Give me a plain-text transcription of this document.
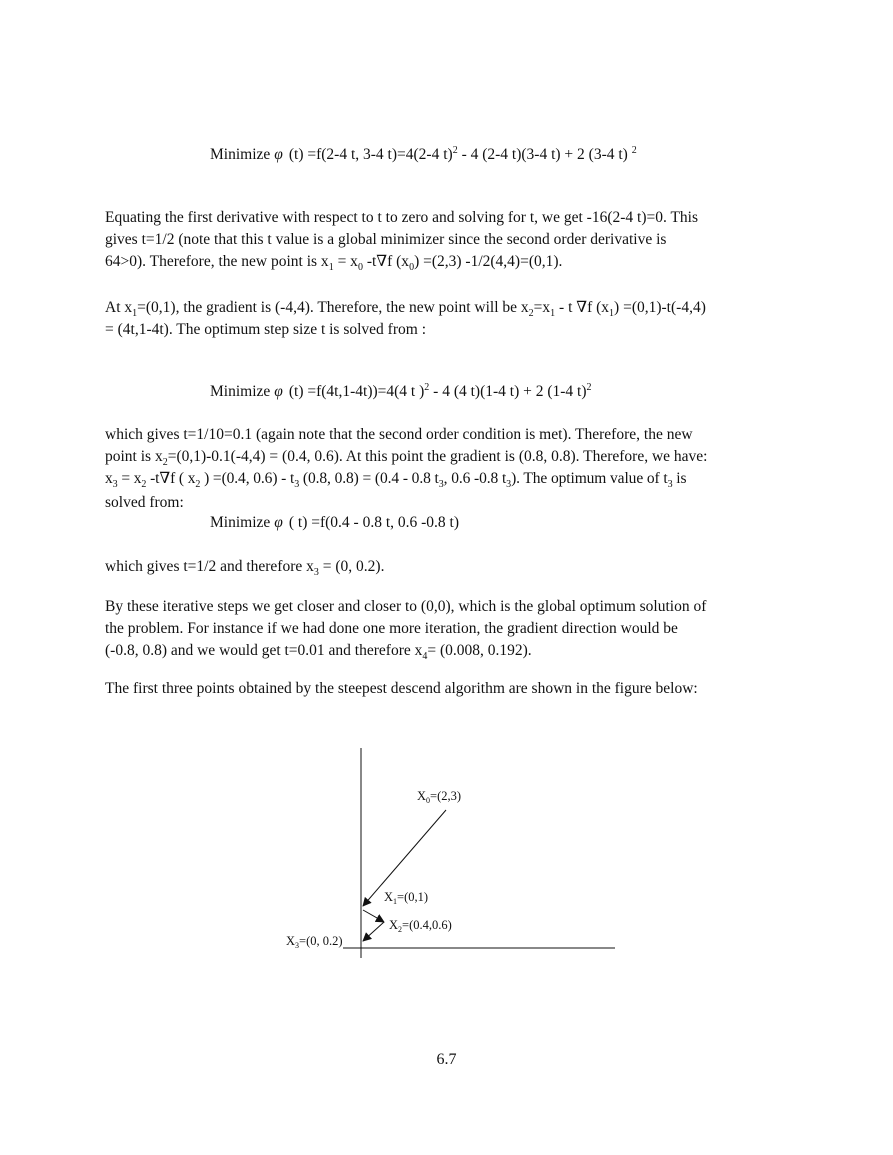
Minimize φ (t) =f(2-4 t, 3-4 t)=4(2-4 t)$^2$ - 4 (2-4 t)(3-4 t) + 2 (3-4 t) $^2$
Equating the first derivative with respect to t to zero and solving for t, we get -16(2-4 t)=0. This
gives t=1/2 (note that this t value is a global minimizer since the second order derivative is
64>0). Therefore, the new point is $x_1 = x_0$ -t∇f $(x_0) =(2,3)$ -1/2(4,4)=(0,1).
At $x_1=(0,1)$, the gradient is (-4,4). Therefore, the new point will be $x_2=x_1 - t$ ∇f $(x_1) =(0,1)-t(-4,4)$
= (4t,1-4t). The optimum step size t is solved from :
Minimize φ (t) =f(4t,1-4t))=4(4 t )$^2$ - 4 (4 t)(1-4 t) + 2 (1-4 t)$^2$
which gives t=1/10=0.1 (again note that the second order condition is met). Therefore, the new
point is $x_2=(0,1)-0.1(-4,4) = (0.4$, 0.6). At this point the gradient is (0.8, 0.8). Therefore, we have:
$x_3 = x_2$ -t∇f ( $x_2$ ) =(0.4, $0.6) - t_3$ (0.8, 0.8) = (0.4 - 0.8 $t_3$, 0.6 -0.8 $t_3$). The optimum value of $t_3$ is
solved from:
Minimize φ ( t) =f(0.4 - 0.8 t, 0.6 -0.8 t)
which gives t=1/2 and therefore $x_3 = (0$, 0.2).
By these iterative steps we get closer and closer to (0,0), which is the global optimum solution of
the problem. For instance if we had done one more iteration, the gradient direction would be
(-0.8, 0.8) and we would get t=0.01 and therefore $x_4= (0.008$, 0.192).
The first three points obtained by the steepest descend algorithm are shown in the figure below:
$X_0=(2,3)$
$X_1=(0,1)$
$X_2=(0.4,0.6)$
$X_3=(0$, 0.2)
6.7
